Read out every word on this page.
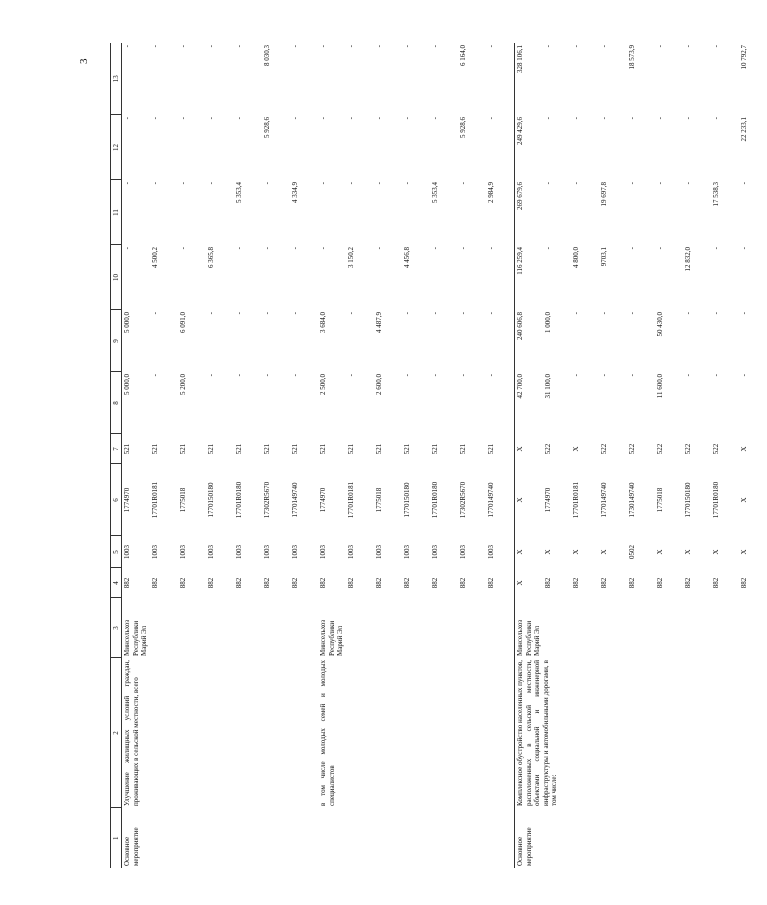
3
1	2	3	4	5	6	7	8	9	10	11	12	13
Основное мероприятие	Улучшение жилищных условий граждан, проживающих в сельской местности, всего	Минсельхоз Республики Марий Эл	882	1003	1774970	521	5 000,0	5 000,0	-	-	-	-
			882	1003	17701R0181	521	-	-	4 500,2	-	-	-
			882	1003	1775018	521	5 200,0	6 091,0	-	-	-	-
			882	1003	1770150180	521	-	-	6 365,8	-	-	-
			882	1003	17701R0180	521	-	-	-	5 353,4	-	-
			882	1003	17302R5670	521	-	-	-	-	5 928,6	8 030,3
			882	1003	1770149740	521	-	-	-	4 334,9	-	-
	в том числе молодых семей и молодых специалистов	Минсельхоз Республики Марий Эл	882	1003	1774970	521	2 500,0	3 684,0	-	-	-	-
			882	1003	17701R0181	521	-	-	3 150,2	-	-	-
			882	1003	1775018	521	2 600,0	4 487,9	-	-	-	-
			882	1003	1770150180	521	-	-	4 456,8	-	-	-
			882	1003	17701R0180	521	-	-	-	5 353,4	-	-
			882	1003	17302R5670	521	-	-	-	-	5 928,6	6 164,0
			882	1003	1770149740	521	-	-	-	2 984,9	-	-
Основное мероприятие	Комплексное обустройство населенных пунктов, расположенных в сельской местности, объектами социальной и инженерной инфраструктуры и автомобильными дорогами, в том числе:	Минсельхоз Республики Марий Эл	Х	Х	Х	Х	42 700,0	240 606,8	116 259,4	269 679,6	249 429,6	328 106,1
			882	Х	1774970	522	31 100,0	1 000,0	-	-	-	-
			882	Х	17701R0181	Х	-	-	4 800,0	-	-	-
			882	Х	1770149740	522	-	-	9703,1	19 697,8	-	-
			882	0502	1730149740	522	-	-	-	-	-	18 573,9
			882	Х	1775018	522	11 600,0	50 430,0	-	-	-	-
			882	Х	1770150180	522	-	-	12 832,0	-	-	-
			882	Х	17701R0180	522	-	-	-	17 538,3	-	-
			882	Х	Х	Х	-	-	-	-	22 233,1	10 792,7
